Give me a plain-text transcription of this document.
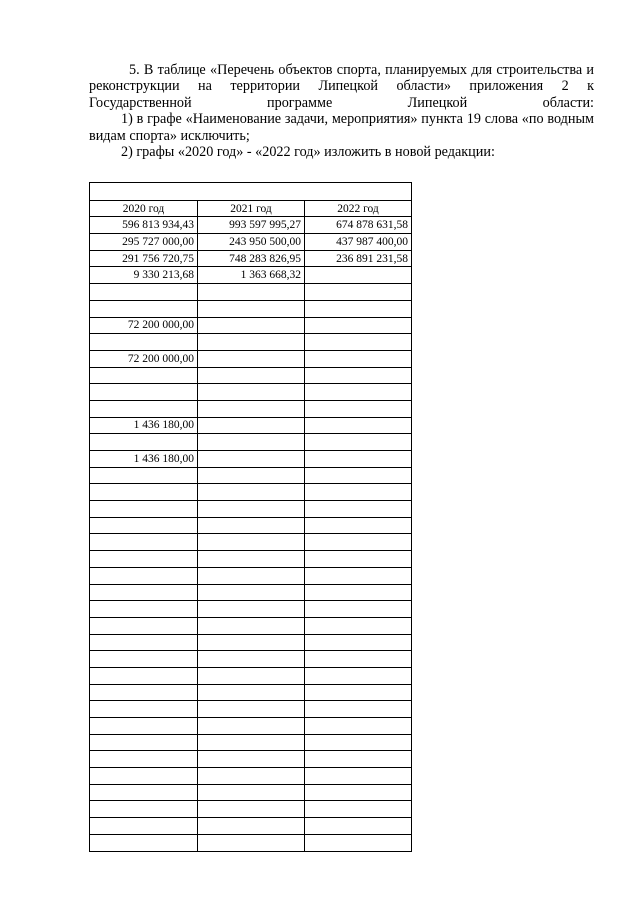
5. В таблице «Перечень объектов спорта, планируемых для строительства и реконструкции на территории Липецкой области» приложения 2 к Государственной программе Липецкой области:

1) в графе «Наименование задачи, мероприятия» пункта 19 слова «по водным видам спорта» исключить;

2) графы «2020 год» - «2022 год» изложить в новой редакции:

2020 год	2021 год	2022 год
596 813 934,43	993 597 995,27	674 878 631,58
295 727 000,00	243 950 500,00	437 987 400,00
291 756 720,75	748 283 826,95	236 891 231,58
9 330 213,68	1 363 668,32	

72 200 000,00		

72 200 000,00		

1 436 180,00		

1 436 180,00		
